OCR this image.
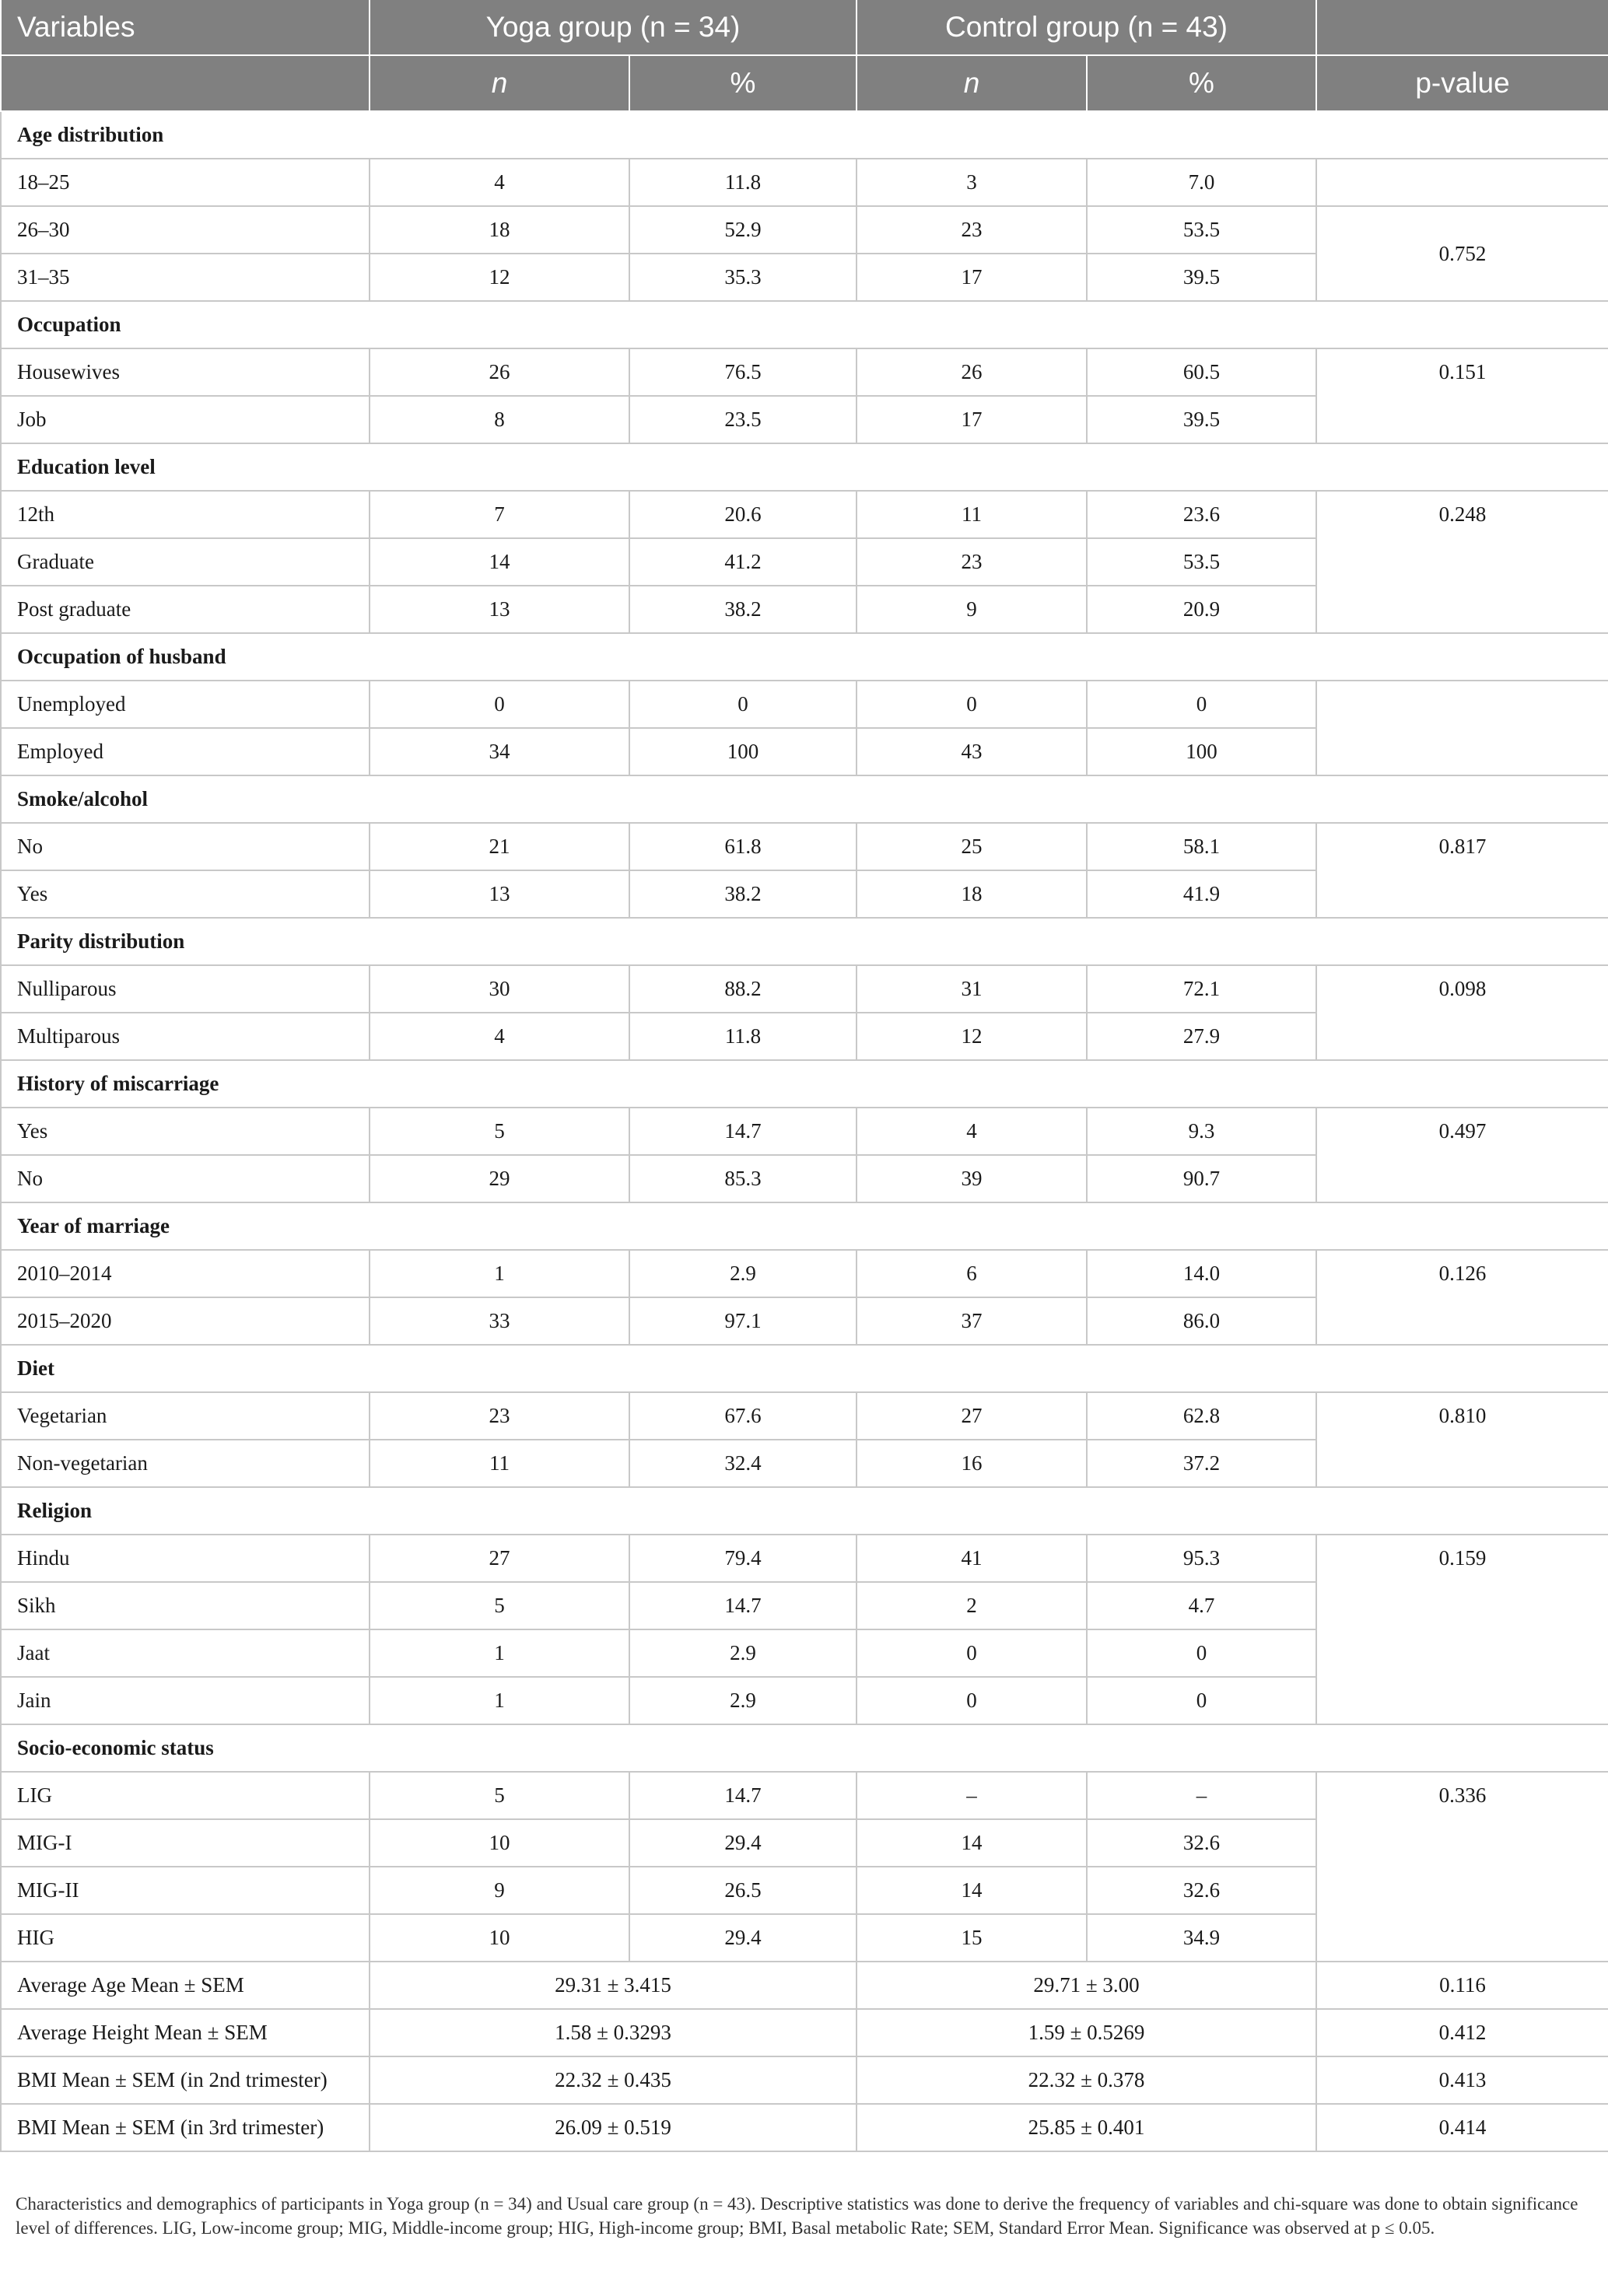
Variables	Yoga group (n = 34)		Control group (n = 43)		
	n	%	n	%	p-value
Age distribution					
18–25	4	11.8	3	7.0	
26–30	18	52.9	23	53.5	0.752
31–35	12	35.3	17	39.5	
Occupation					
Housewives	26	76.5	26	60.5	0.151
Job	8	23.5	17	39.5	
Education level					
12th	7	20.6	11	23.6	0.248
Graduate	14	41.2	23	53.5	
Post graduate	13	38.2	9	20.9	
Occupation of husband					
Unemployed	0	0	0	0	
Employed	34	100	43	100	
Smoke/alcohol					
No	21	61.8	25	58.1	0.817
Yes	13	38.2	18	41.9	
Parity distribution					
Nulliparous	30	88.2	31	72.1	0.098
Multiparous	4	11.8	12	27.9	
History of miscarriage					
Yes	5	14.7	4	9.3	0.497
No	29	85.3	39	90.7	
Year of marriage					
2010–2014	1	2.9	6	14.0	0.126
2015–2020	33	97.1	37	86.0	
Diet					
Vegetarian	23	67.6	27	62.8	0.810
Non-vegetarian	11	32.4	16	37.2	
Religion					
Hindu	27	79.4	41	95.3	0.159
Sikh	5	14.7	2	4.7	
Jaat	1	2.9	0	0	
Jain	1	2.9	0	0	
Socio-economic status					
LIG	5	14.7	–	–	0.336
MIG-I	10	29.4	14	32.6	
MIG-II	9	26.5	14	32.6	
HIG	10	29.4	15	34.9	
Average Age Mean ± SEM	29.31 ± 3.415		29.71 ± 3.00		0.116
Average Height Mean ± SEM	1.58 ± 0.3293		1.59 ± 0.5269		0.412
BMI Mean ± SEM (in 2nd trimester)	22.32 ± 0.435		22.32 ± 0.378		0.413
BMI Mean ± SEM (in 3rd trimester)	26.09 ± 0.519		25.85 ± 0.401		0.414
Characteristics and demographics of participants in Yoga group (n = 34) and Usual care group (n = 43). Descriptive statistics was done to derive the frequency of variables and chi-square was done to obtain significance level of differences. LIG, Low-income group; MIG, Middle-income group; HIG, High-income group; BMI, Basal metabolic Rate; SEM, Standard Error Mean. Significance was observed at p ≤ 0.05.
